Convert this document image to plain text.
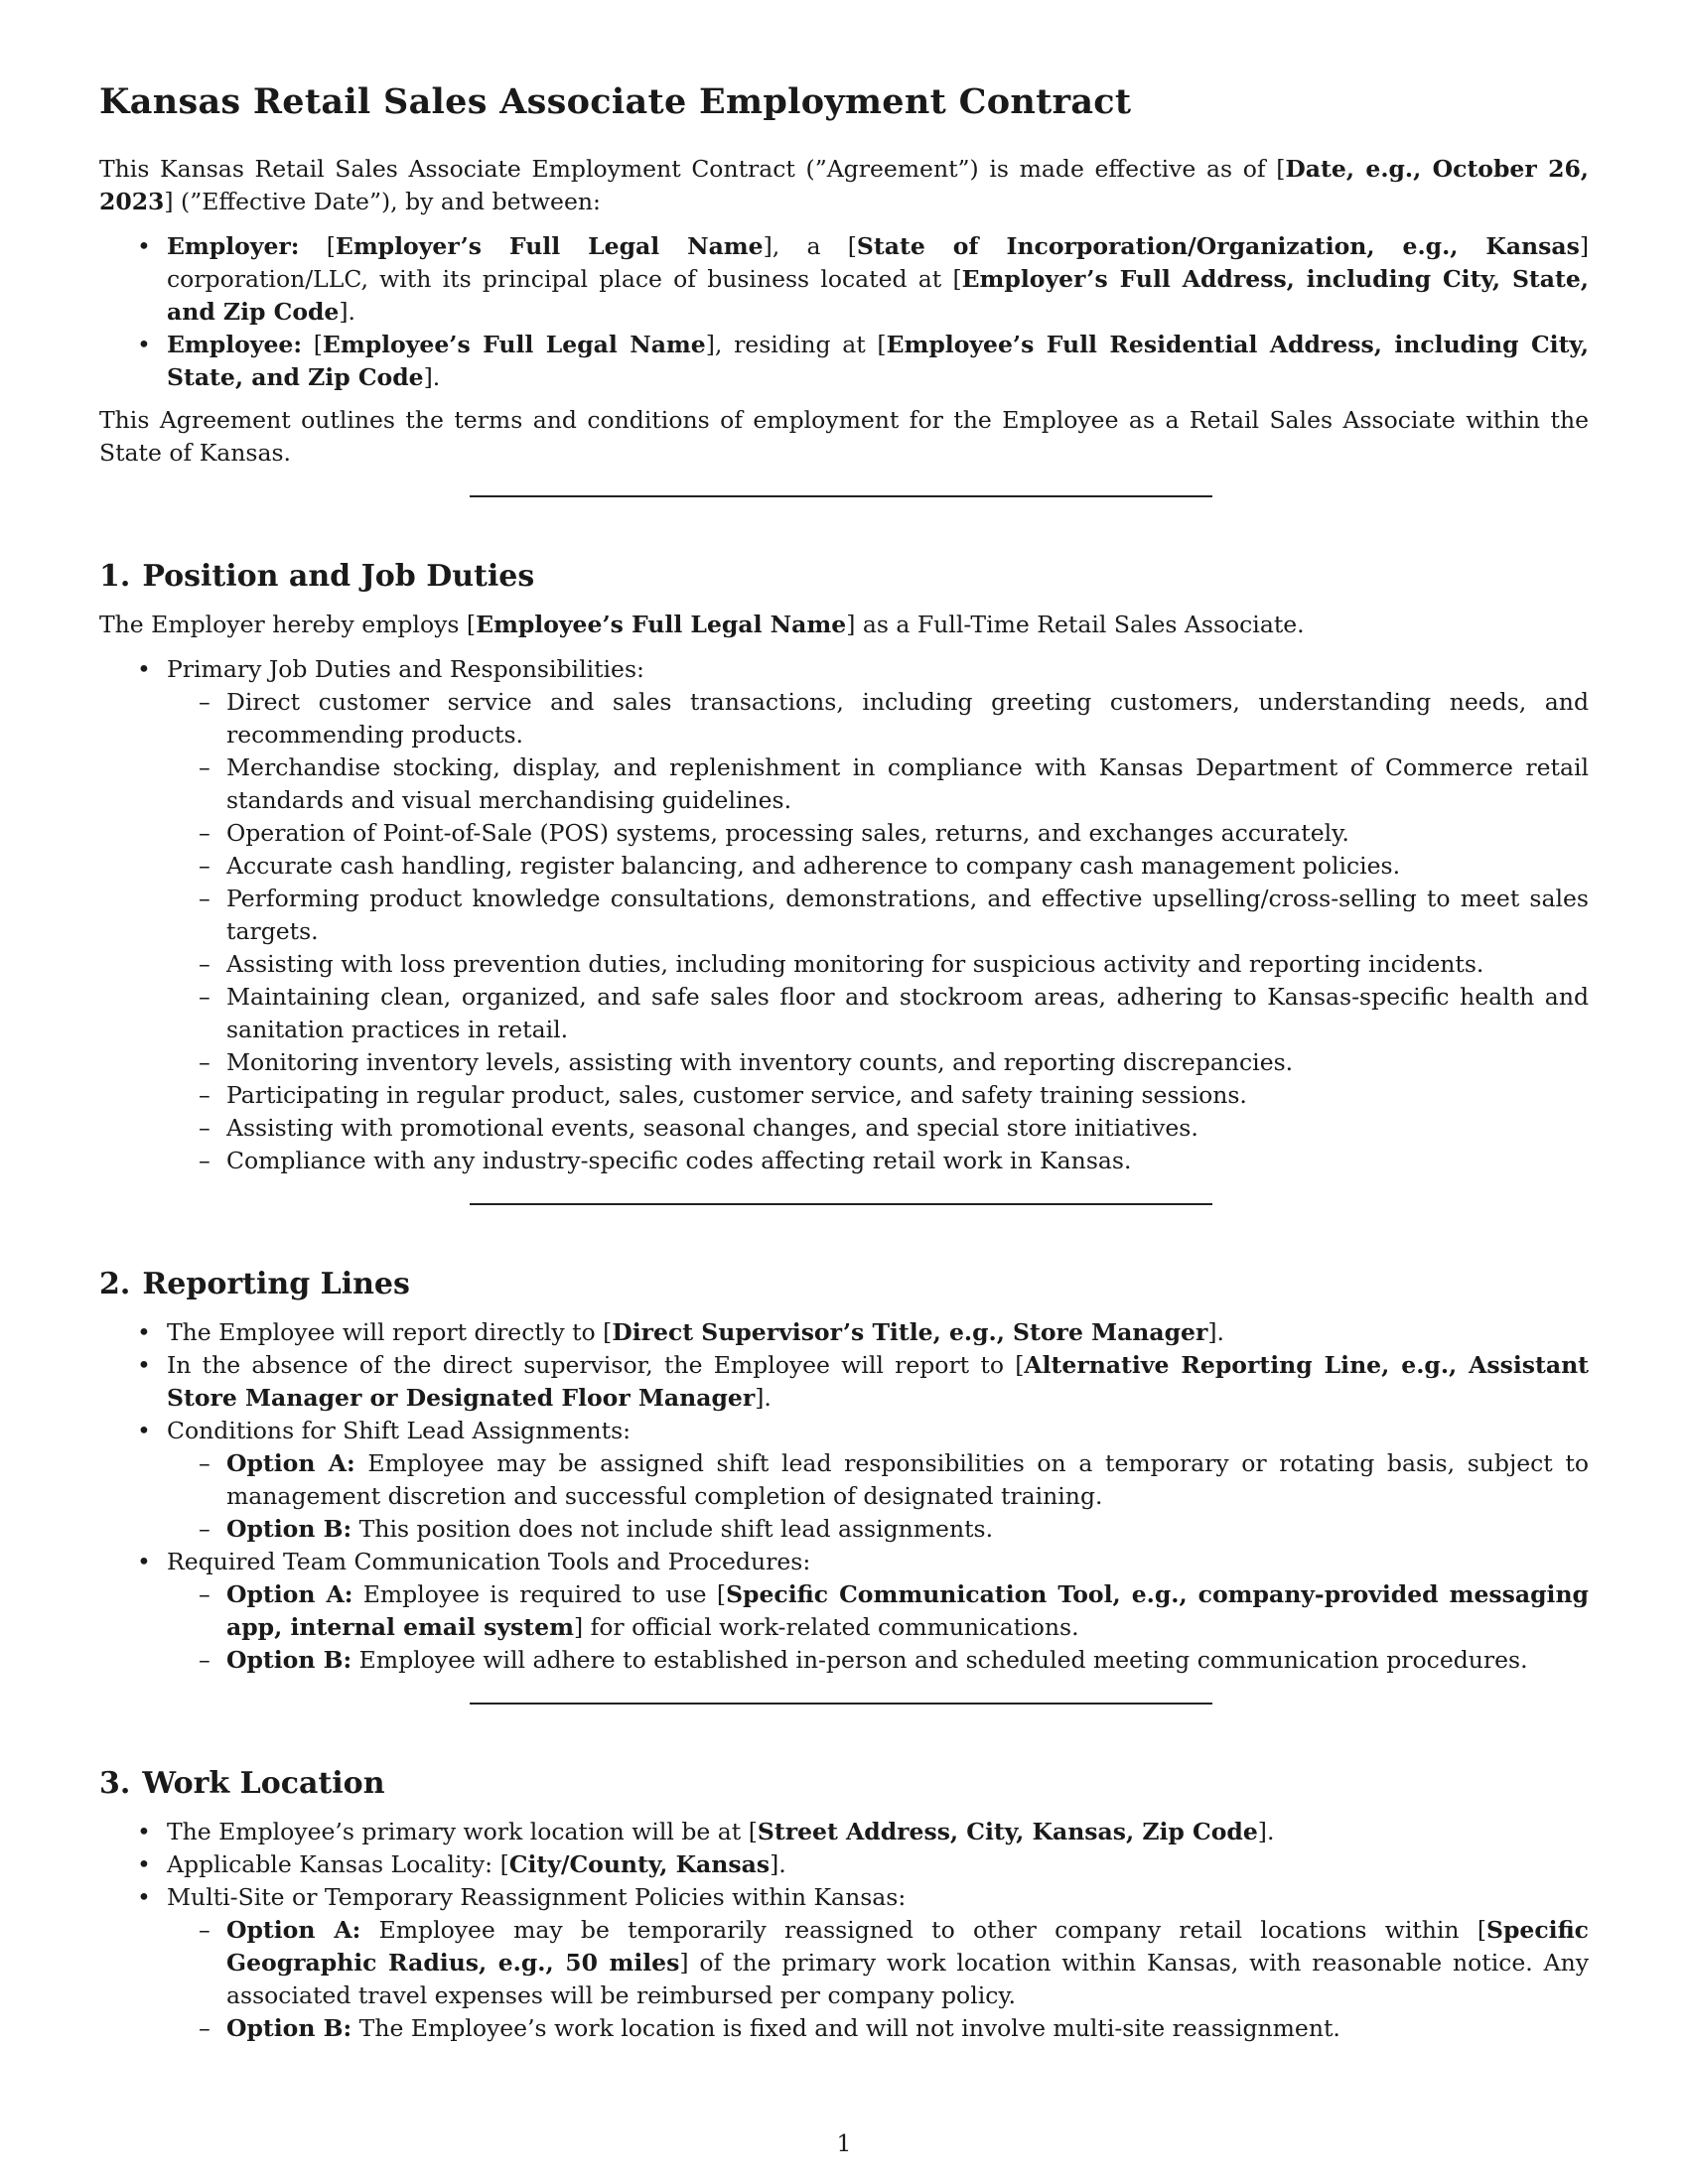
Kansas Retail Sales Associate Employment Contract

This Kansas Retail Sales Associate Employment Contract (”Agreement”) is made effective as of [Date, e.g., October 26, 2023] (”Effective Date”), by and between:

• Employer: [Employer’s Full Legal Name], a [State of Incorporation/Organization, e.g., Kansas] corporation/LLC, with its principal place of business located at [Employer’s Full Address, including City, State, and Zip Code].
• Employee: [Employee’s Full Legal Name], residing at [Employee’s Full Residential Address, including City, State, and Zip Code].

This Agreement outlines the terms and conditions of employment for the Employee as a Retail Sales Associate within the State of Kansas.

1. Position and Job Duties

The Employer hereby employs [Employee’s Full Legal Name] as a Full-Time Retail Sales Associate.

• Primary Job Duties and Responsibilities:
– Direct customer service and sales transactions, including greeting customers, understanding needs, and recommending products.
– Merchandise stocking, display, and replenishment in compliance with Kansas Department of Commerce retail standards and visual merchandising guidelines.
– Operation of Point-of-Sale (POS) systems, processing sales, returns, and exchanges accurately.
– Accurate cash handling, register balancing, and adherence to company cash management policies.
– Performing product knowledge consultations, demonstrations, and effective upselling/cross-selling to meet sales targets.
– Assisting with loss prevention duties, including monitoring for suspicious activity and reporting incidents.
– Maintaining clean, organized, and safe sales floor and stockroom areas, adhering to Kansas-specific health and sanitation practices in retail.
– Monitoring inventory levels, assisting with inventory counts, and reporting discrepancies.
– Participating in regular product, sales, customer service, and safety training sessions.
– Assisting with promotional events, seasonal changes, and special store initiatives.
– Compliance with any industry-specific codes affecting retail work in Kansas.
2. Reporting Lines
• The Employee will report directly to [Direct Supervisor’s Title, e.g., Store Manager].
• In the absence of the direct supervisor, the Employee will report to [Alternative Reporting Line, e.g., Assistant Store Manager or Designated Floor Manager].
• Conditions for Shift Lead Assignments:
– Option A: Employee may be assigned shift lead responsibilities on a temporary or rotating basis, subject to management discretion and successful completion of designated training.
– Option B: This position does not include shift lead assignments.
• Required Team Communication Tools and Procedures:
– Option A: Employee is required to use [Specific Communication Tool, e.g., company-provided messaging app, internal email system] for official work-related communications.
– Option B: Employee will adhere to established in-person and scheduled meeting communication procedures.
3. Work Location
• The Employee’s primary work location will be at [Street Address, City, Kansas, Zip Code].
• Applicable Kansas Locality: [City/County, Kansas].
• Multi-Site or Temporary Reassignment Policies within Kansas:
– Option A: Employee may be temporarily reassigned to other company retail locations within [Specific Geographic Radius, e.g., 50 miles] of the primary work location within Kansas, with reasonable notice. Any associated travel expenses will be reimbursed per company policy.
– Option B: The Employee’s work location is fixed and will not involve multi-site reassignment.
1
